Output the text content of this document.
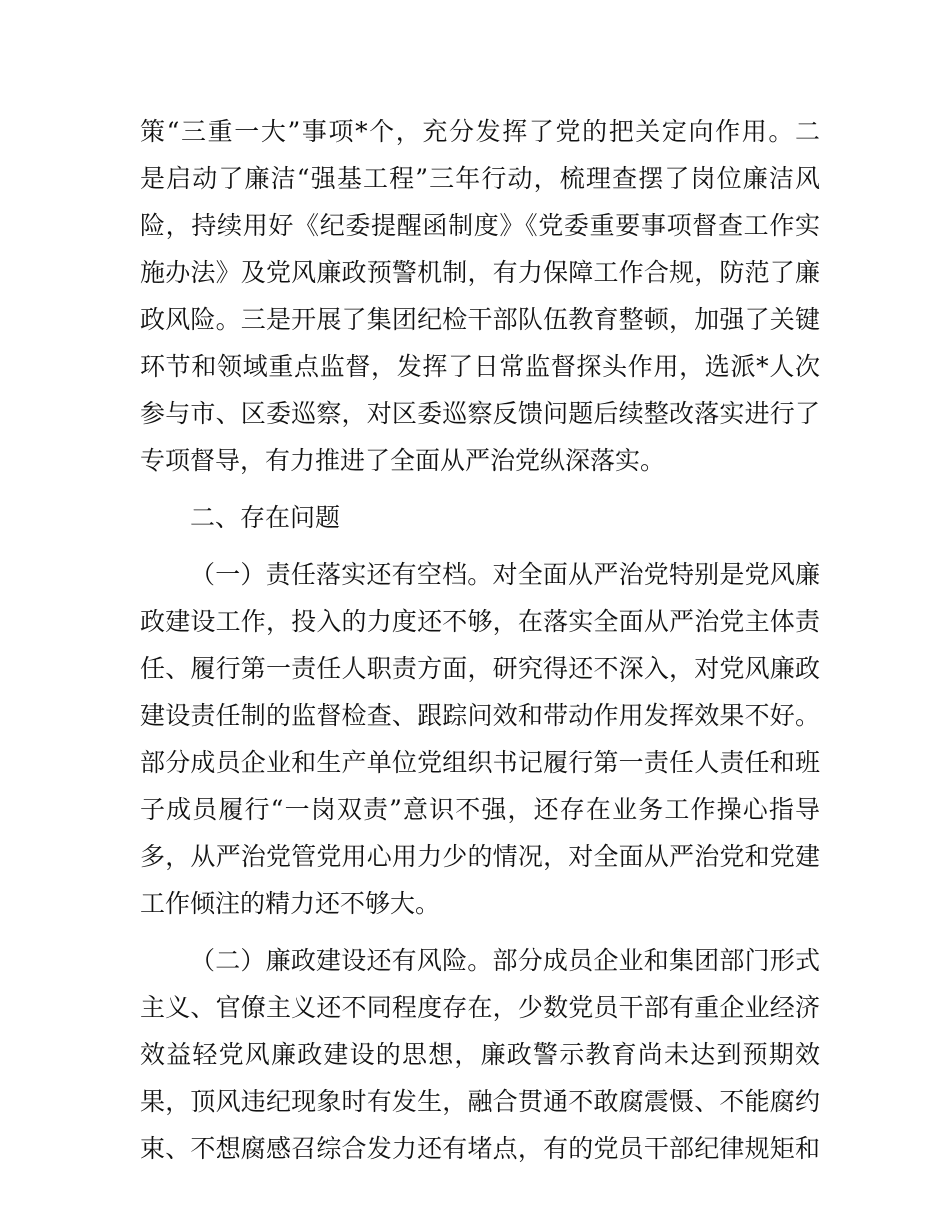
策“三重一大”事项*个，充分发挥了党的把关定向作用。二
是启动了廉洁“强基工程”三年行动，梳理查摆了岗位廉洁风
险，持续用好《纪委提醒函制度》《党委重要事项督查工作实
施办法》及党风廉政预警机制，有力保障工作合规，防范了廉
政风险。三是开展了集团纪检干部队伍教育整顿，加强了关键
环节和领域重点监督，发挥了日常监督探头作用，选派*人次
参与市、区委巡察，对区委巡察反馈问题后续整改落实进行了
专项督导，有力推进了全面从严治党纵深落实。
二、存在问题
（一）责任落实还有空档。对全面从严治党特别是党风廉
政建设工作，投入的力度还不够，在落实全面从严治党主体责
任、履行第一责任人职责方面，研究得还不深入，对党风廉政
建设责任制的监督检查、跟踪问效和带动作用发挥效果不好。
部分成员企业和生产单位党组织书记履行第一责任人责任和班
子成员履行“一岗双责”意识不强，还存在业务工作操心指导
多，从严治党管党用心用力少的情况，对全面从严治党和党建
工作倾注的精力还不够大。
（二）廉政建设还有风险。部分成员企业和集团部门形式
主义、官僚主义还不同程度存在，少数党员干部有重企业经济
效益轻党风廉政建设的思想，廉政警示教育尚未达到预期效
果，顶风违纪现象时有发生，融合贯通不敢腐震慑、不能腐约
束、不想腐感召综合发力还有堵点，有的党员干部纪律规矩和
